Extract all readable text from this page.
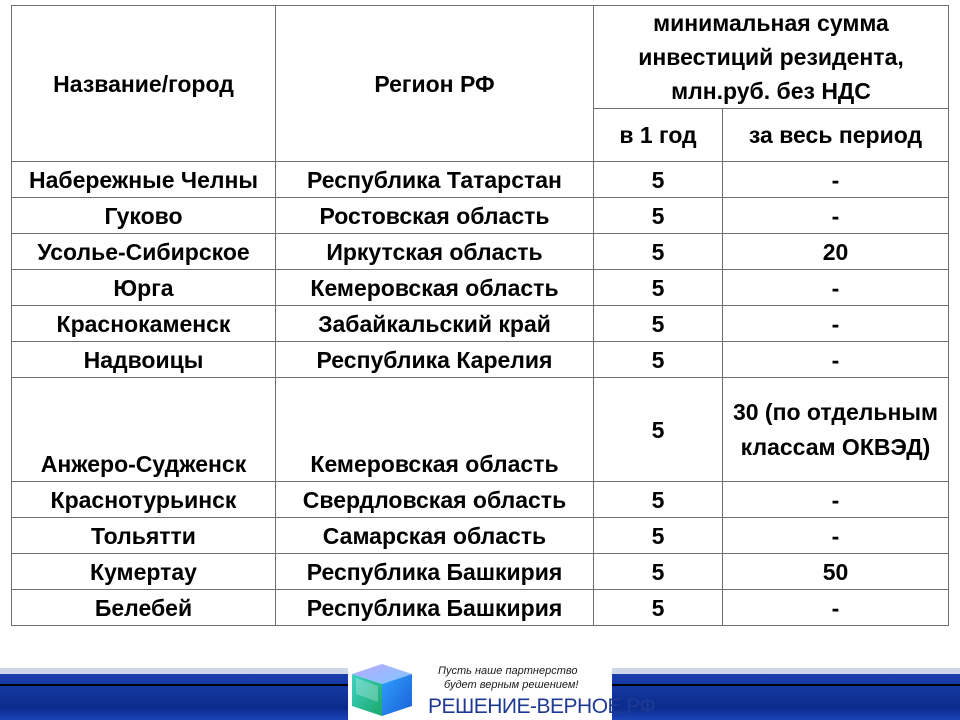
Название/город	Регион РФ	минимальная сумма инвестиций резидента, млн.руб. без НДС	
		в 1 год	за весь период
Набережные Челны	Республика Татарстан	5	-
Гуково	Ростовская область	5	-
Усолье-Сибирское	Иркутская область	5	20
Юрга	Кемеровская область	5	-
Краснокаменск	Забайкальский край	5	-
Надвоицы	Республика Карелия	5	-
Анжеро-Судженск	Кемеровская область	5	30 (по отдельным классам ОКВЭД)
Краснотурьинск	Свердловская область	5	-
Тольятти	Самарская область	5	-
Кумертау	Республика Башкирия	5	50
Белебей	Республика Башкирия	5	-
Пусть наше партнерство
будет верным решением!
РЕШЕНИЕ-ВЕРНОЕ.РФ
